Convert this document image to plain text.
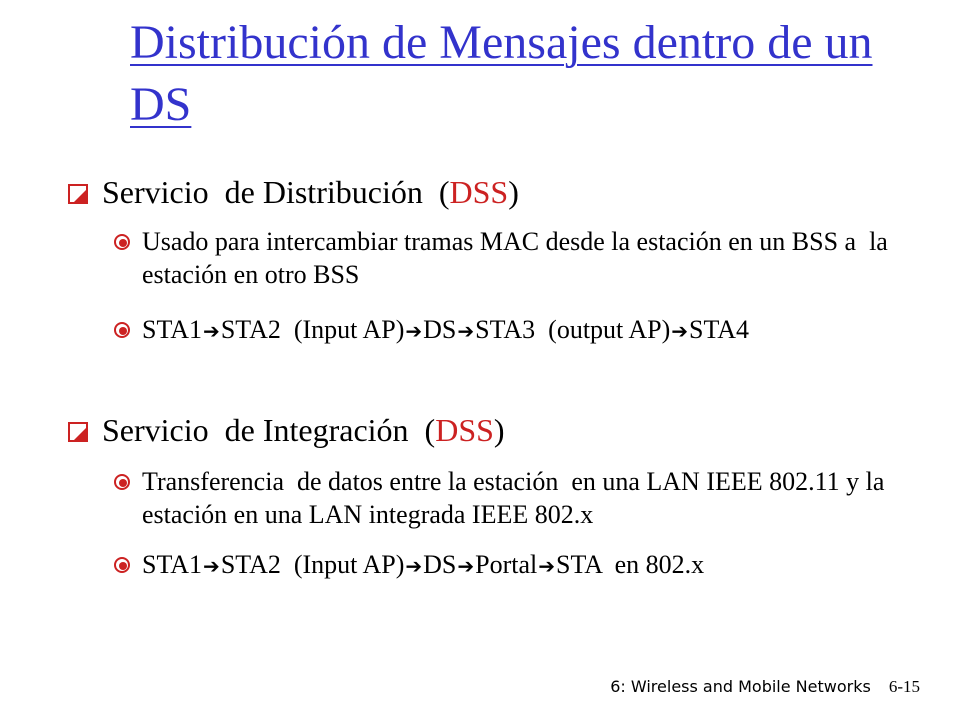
Distribución de Mensajes dentro de un DS
Servicio  de Distribución  (DSS)
Usado para intercambiar tramas MAC desde la estación en un BSS a  la estación en otro BSS
STA1➔STA2  (Input AP)➔DS➔STA3  (output AP)➔STA4
Servicio  de Integración  (DSS)
Transferencia  de datos entre la estación  en una LAN IEEE 802.11 y la estación en una LAN integrada IEEE 802.x
STA1➔STA2  (Input AP)➔DS➔Portal➔STA  en 802.x
6: Wireless and Mobile Networks 6-15
